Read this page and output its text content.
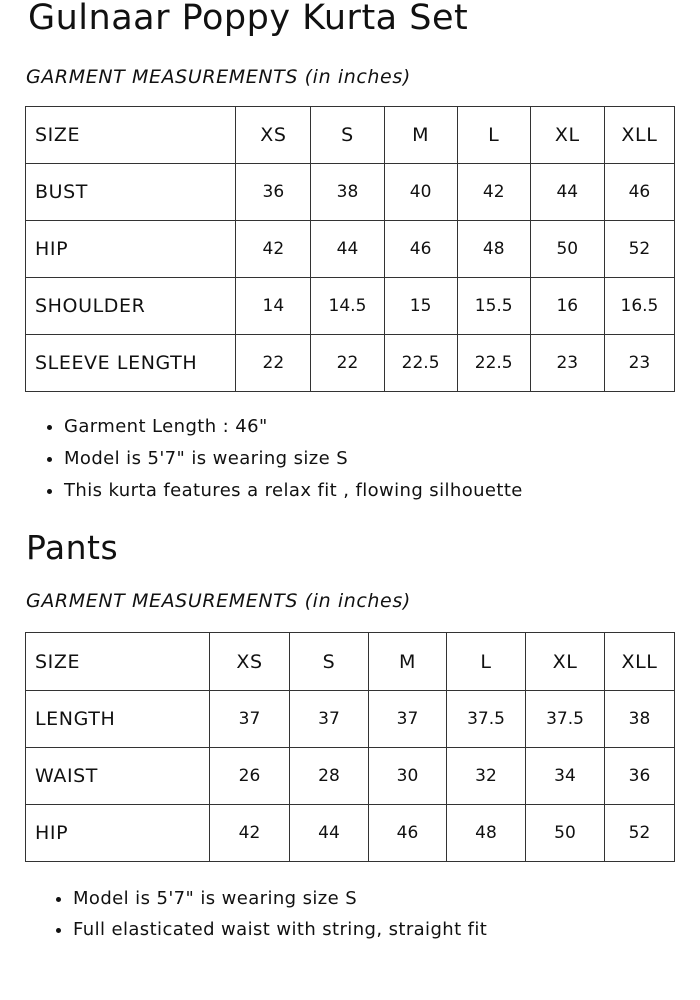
Gulnaar Poppy Kurta Set
GARMENT MEASUREMENTS (in inches)
SIZE	XS	S	M	L	XL	XLL
BUST	36	38	40	42	44	46
HIP	42	44	46	48	50	52
SHOULDER	14	14.5	15	15.5	16	16.5
SLEEVE LENGTH	22	22	22.5	22.5	23	23
• Garment Length : 46"
• Model is 5'7" is wearing size S
• This kurta features a relax fit , flowing silhouette
Pants
GARMENT MEASUREMENTS (in inches)
SIZE	XS	S	M	L	XL	XLL
LENGTH	37	37	37	37.5	37.5	38
WAIST	26	28	30	32	34	36
HIP	42	44	46	48	50	52
• Model is 5'7" is wearing size S
• Full elasticated waist with string, straight fit
